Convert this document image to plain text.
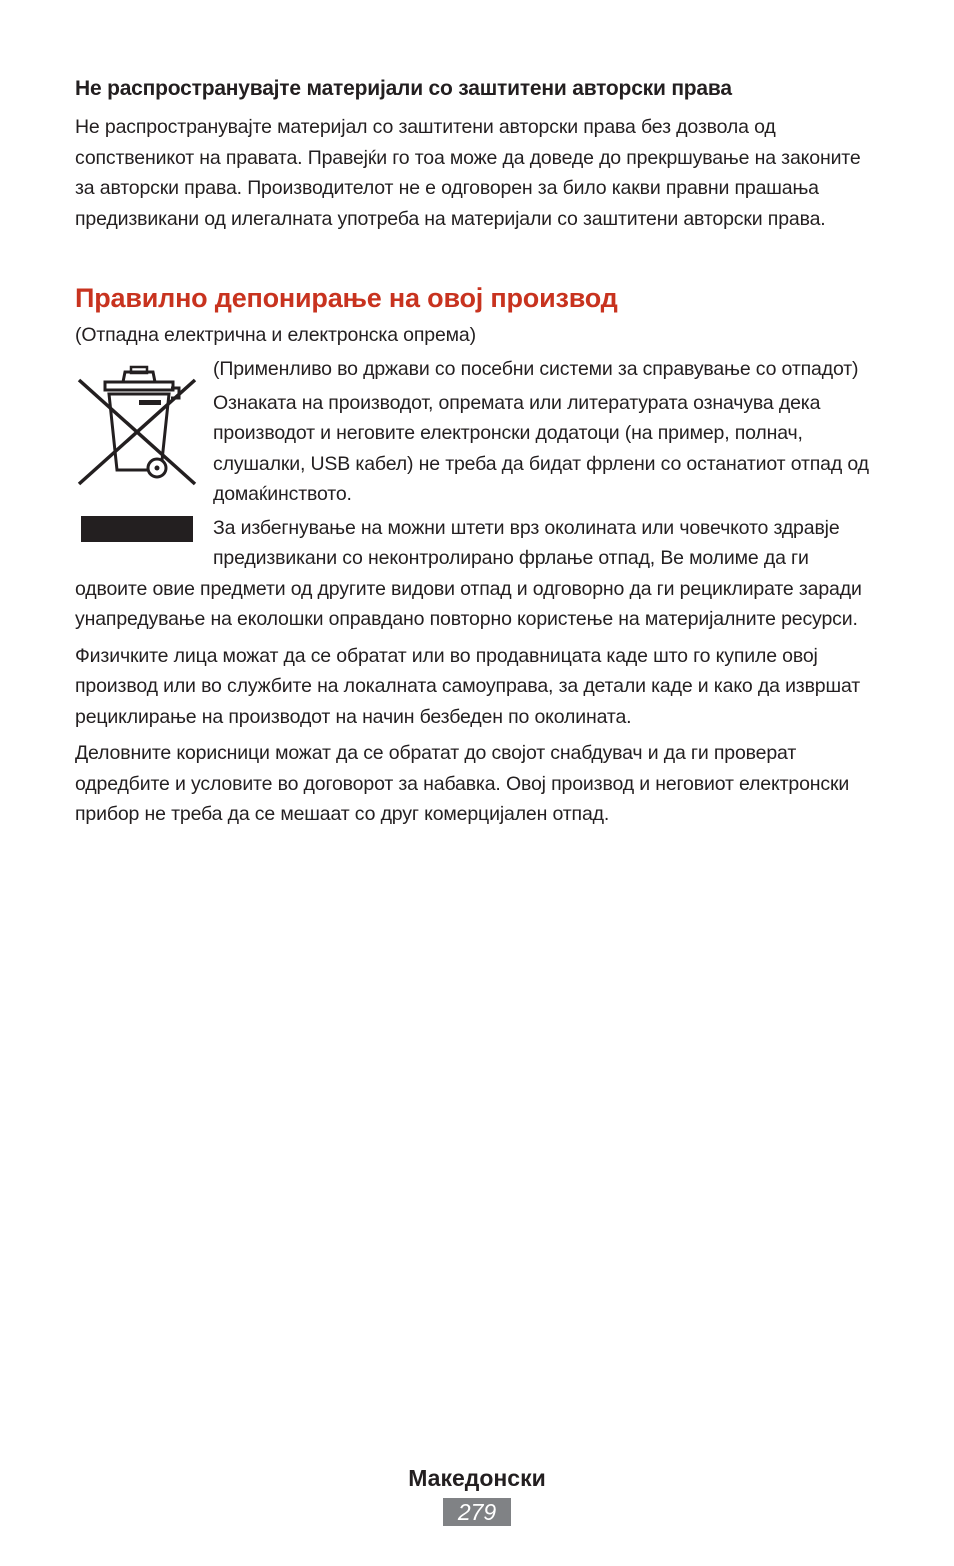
Не распространувајте материјали со заштитени авторски права

Не распространувајте материјал со заштитени авторски права без дозвола од сопственикот на правата. Правејќи го тоа може да доведе до прекршување на законите за авторски права. Производителот не е одговорен за било какви правни прашања предизвикани од илегалната употреба на материјали со заштитени авторски права.

Правилно депонирање на овој производ

(Отпадна електрична и електронска опрема)

(Применливо во држави со посебни системи за справување со отпадот)

Ознаката на производот, опремата или литературата означува дека производот и неговите електронски додатоци (на пример, полнач, слушалки, USB кабел) не треба да бидат фрлени со останатиот отпад од домаќинството.

За избегнување на можни штети врз околината или човечкото здравје предизвикани со неконтролирано фрлање отпад, Ве молиме да ги одвоите овие предмети од другите видови отпад и одговорно да ги рециклирате заради унапредување на еколошки оправдано повторно користење на материјалните ресурси.

Физичките лица можат да се обратат или во продавницата каде што го купиле овој производ или во службите на локалната самоуправа, за детали каде и како да извршат рециклирање на производот на начин безбеден по околината.

Деловните корисници можат да се обратат до својот снабдувач и да ги проверат одредбите и условите во договорот за набавка. Овој производ и неговиот електронски прибор не треба да се мешаат со друг комерцијален отпад.

Македонски
279
